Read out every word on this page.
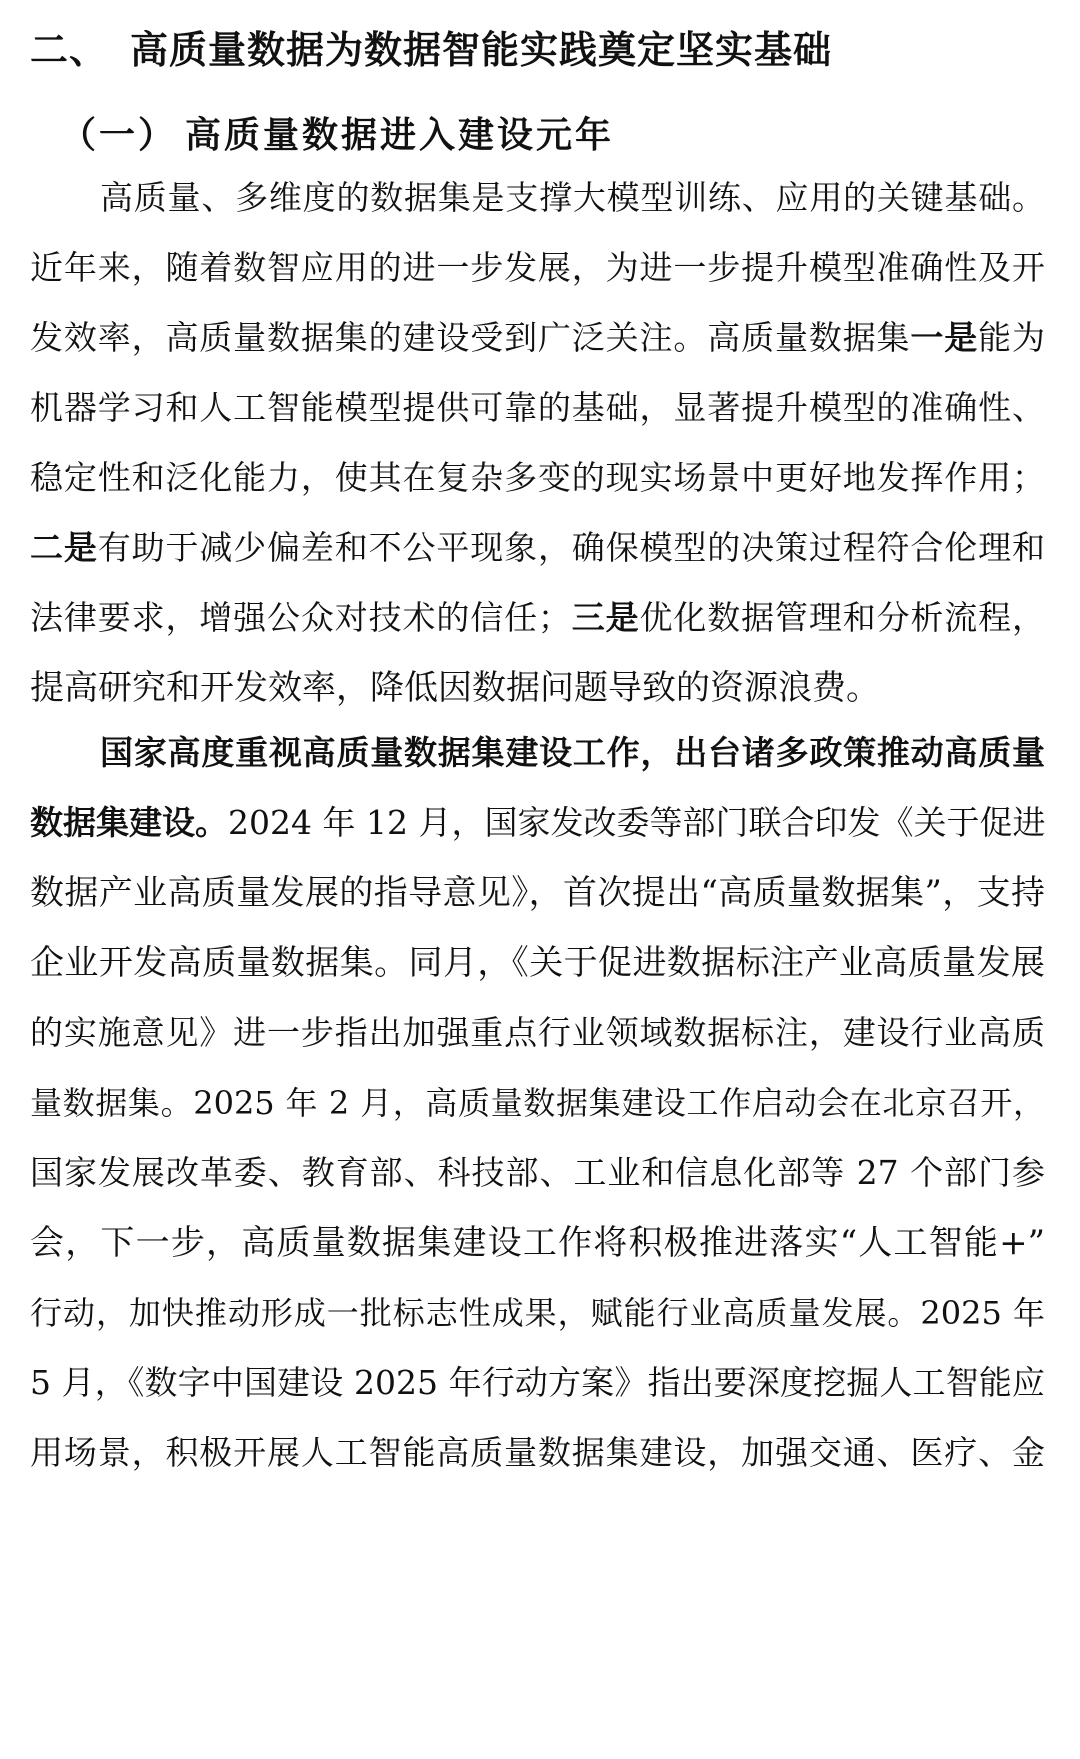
二、 高质量数据为数据智能实践奠定坚实基础
（一） 高质量数据进入建设元年
高质量、多维度的数据集是支撑大模型训练、应用的关键基础。
近年来，随着数智应用的进一步发展，为进一步提升模型准确性及开
发效率，高质量数据集的建设受到广泛关注。高质量数据集一是能为
机器学习和人工智能模型提供可靠的基础，显著提升模型的准确性、
稳定性和泛化能力，使其在复杂多变的现实场景中更好地发挥作用；
二是有助于减少偏差和不公平现象，确保模型的决策过程符合伦理和
法律要求，增强公众对技术的信任；三是优化数据管理和分析流程，
提高研究和开发效率，降低因数据问题导致的资源浪费。
国家高度重视高质量数据集建设工作，出台诸多政策推动高质量
数据集建设。2024 年 12 月，国家发改委等部门联合印发《关于促进
数据产业高质量发展的指导意见》，首次提出“高质量数据集”，支持
企业开发高质量数据集。同月，《关于促进数据标注产业高质量发展
的实施意见》进一步指出加强重点行业领域数据标注，建设行业高质
量数据集。2025 年 2 月，高质量数据集建设工作启动会在北京召开，
国家发展改革委、教育部、科技部、工业和信息化部等 27 个部门参
会，下一步，高质量数据集建设工作将积极推进落实“人工智能+”
行动，加快推动形成一批标志性成果，赋能行业高质量发展。2025 年
5 月，《数字中国建设 2025 年行动方案》指出要深度挖掘人工智能应
用场景，积极开展人工智能高质量数据集建设，加强交通、医疗、金
